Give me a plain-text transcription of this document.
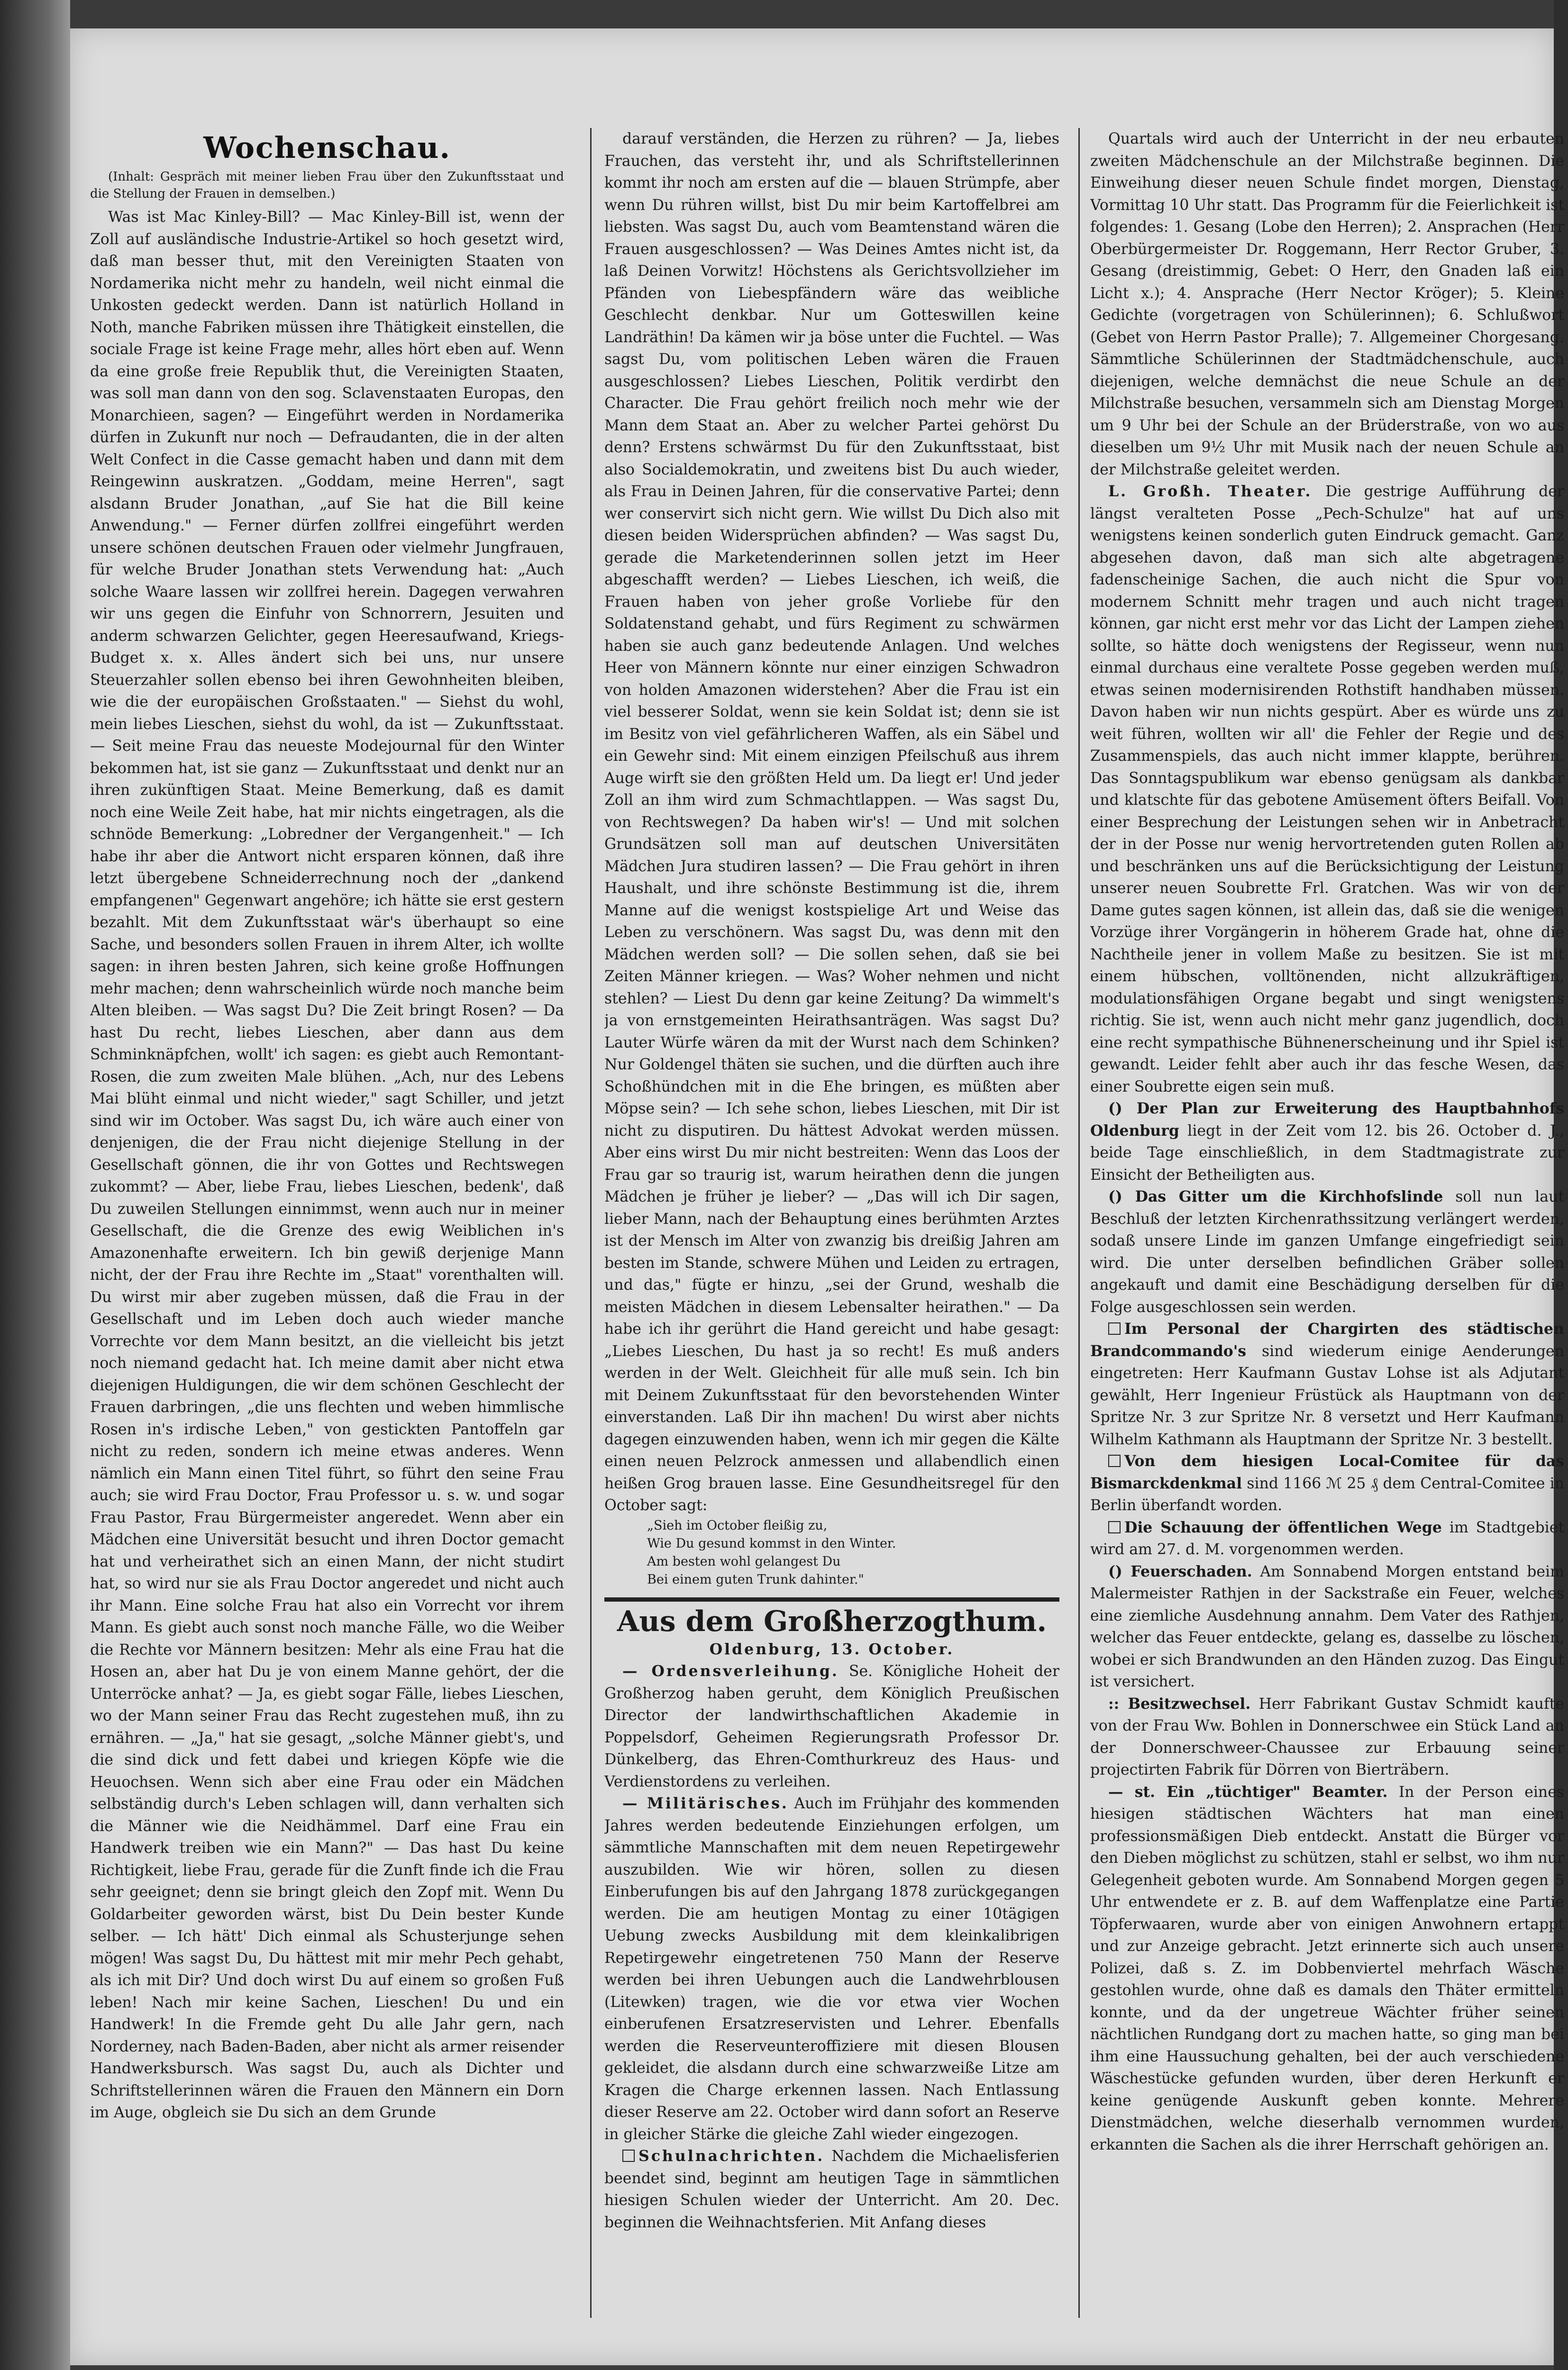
Wochenschau.

(Inhalt: Gespräch mit meiner lieben Frau über den Zukunftsstaat und die Stellung der Frauen in demselben.)

Was ist Mac Kinley-Bill? — Mac Kinley-Bill ist, wenn der Zoll auf ausländische Industrie-Artikel so hoch gesetzt wird, daß man besser thut, mit den Vereinigten Staaten von Nordamerika nicht mehr zu handeln, weil nicht einmal die Unkosten gedeckt werden. Dann ist natürlich Holland in Noth, manche Fabriken müssen ihre Thätigkeit einstellen, die sociale Frage ist keine Frage mehr, alles hört eben auf. Wenn da eine große freie Republik thut, die Vereinigten Staaten, was soll man dann von den sog. Sclavenstaaten Europas, den Monarchieen, sagen? — Eingeführt werden in Nordamerika dürfen in Zukunft nur noch — Defraudanten, die in der alten Welt Confect in die Casse gemacht haben und dann mit dem Reingewinn auskratzen. „Goddam, meine Herren", sagt alsdann Bruder Jonathan, „auf Sie hat die Bill keine Anwendung." — Ferner dürfen zollfrei eingeführt werden unsere schönen deutschen Frauen oder vielmehr Jungfrauen, für welche Bruder Jonathan stets Verwendung hat: „Auch solche Waare lassen wir zollfrei herein. Dagegen verwahren wir uns gegen die Einfuhr von Schnorrern, Jesuiten und anderm schwarzen Gelichter, gegen Heeresaufwand, Kriegs-Budget x. x. Alles ändert sich bei uns, nur unsere Steuerzahler sollen ebenso bei ihren Gewohnheiten bleiben, wie die der europäischen Großstaaten." — Siehst du wohl, mein liebes Lieschen, siehst du wohl, da ist — Zukunftsstaat. — Seit meine Frau das neueste Modejournal für den Winter bekommen hat, ist sie ganz — Zukunftsstaat und denkt nur an ihren zukünftigen Staat. Meine Bemerkung, daß es damit noch eine Weile Zeit habe, hat mir nichts eingetragen, als die schnöde Bemerkung: „Lobredner der Vergangenheit." — Ich habe ihr aber die Antwort nicht ersparen können, daß ihre letzt übergebene Schneiderrechnung noch der „dankend empfangenen" Gegenwart angehöre; ich hätte sie erst gestern bezahlt. Mit dem Zukunftsstaat wär's überhaupt so eine Sache, und besonders sollen Frauen in ihrem Alter, ich wollte sagen: in ihren besten Jahren, sich keine große Hoffnungen mehr machen; denn wahrscheinlich würde noch manche beim Alten bleiben. — Was sagst Du? Die Zeit bringt Rosen? — Da hast Du recht, liebes Lieschen, aber dann aus dem Schminknäpfchen, wollt' ich sagen: es giebt auch Remontant-Rosen, die zum zweiten Male blühen. „Ach, nur des Lebens Mai blüht einmal und nicht wieder," sagt Schiller, und jetzt sind wir im October. Was sagst Du, ich wäre auch einer von denjenigen, die der Frau nicht diejenige Stellung in der Gesellschaft gönnen, die ihr von Gottes und Rechtswegen zukommt? — Aber, liebe Frau, liebes Lieschen, bedenk', daß Du zuweilen Stellungen einnimmst, wenn auch nur in meiner Gesellschaft, die die Grenze des ewig Weiblichen in's Amazonenhafte erweitern. Ich bin gewiß derjenige Mann nicht, der der Frau ihre Rechte im „Staat" vorenthalten will. Du wirst mir aber zugeben müssen, daß die Frau in der Gesellschaft und im Leben doch auch wieder manche Vorrechte vor dem Mann besitzt, an die vielleicht bis jetzt noch niemand gedacht hat. Ich meine damit aber nicht etwa diejenigen Huldigungen, die wir dem schönen Geschlecht der Frauen darbringen, „die uns flechten und weben himmlische Rosen in's irdische Leben," von gestickten Pantoffeln gar nicht zu reden, sondern ich meine etwas anderes. Wenn nämlich ein Mann einen Titel führt, so führt den seine Frau auch; sie wird Frau Doctor, Frau Professor u. s. w. und sogar Frau Pastor, Frau Bürgermeister angeredet. Wenn aber ein Mädchen eine Universität besucht und ihren Doctor gemacht hat und verheirathet sich an einen Mann, der nicht studirt hat, so wird nur sie als Frau Doctor angeredet und nicht auch ihr Mann. Eine solche Frau hat also ein Vorrecht vor ihrem Mann. Es giebt auch sonst noch manche Fälle, wo die Weiber die Rechte vor Männern besitzen: Mehr als eine Frau hat die Hosen an, aber hat Du je von einem Manne gehört, der die Unterröcke anhat? — Ja, es giebt sogar Fälle, liebes Lieschen, wo der Mann seiner Frau das Recht zugestehen muß, ihn zu ernähren. — „Ja," hat sie gesagt, „solche Männer giebt's, und die sind dick und fett dabei und kriegen Köpfe wie die Heuochsen. Wenn sich aber eine Frau oder ein Mädchen selbständig durch's Leben schlagen will, dann verhalten sich die Männer wie die Neidhämmel. Darf eine Frau ein Handwerk treiben wie ein Mann?" — Das hast Du keine Richtigkeit, liebe Frau, gerade für die Zunft finde ich die Frau sehr geeignet; denn sie bringt gleich den Zopf mit. Wenn Du Goldarbeiter geworden wärst, bist Du Dein bester Kunde selber. — Ich hätt' Dich einmal als Schusterjunge sehen mögen! Was sagst Du, Du hättest mit mir mehr Pech gehabt, als ich mit Dir? Und doch wirst Du auf einem so großen Fuß leben! Nach mir keine Sachen, Lieschen! Du und ein Handwerk! In die Fremde geht Du alle Jahr gern, nach Norderney, nach Baden-Baden, aber nicht als armer reisender Handwerksbursch. Was sagst Du, auch als Dichter und Schriftstellerinnen wären die Frauen den Männern ein Dorn im Auge, obgleich sie Du sich an dem Grunde

darauf verständen, die Herzen zu rühren? — Ja, liebes Frauchen, das versteht ihr, und als Schriftstellerinnen kommt ihr noch am ersten auf die — blauen Strümpfe, aber wenn Du rühren willst, bist Du mir beim Kartoffelbrei am liebsten. Was sagst Du, auch vom Beamtenstand wären die Frauen ausgeschlossen? — Was Deines Amtes nicht ist, da laß Deinen Vorwitz! Höchstens als Gerichtsvollzieher im Pfänden von Liebespfändern wäre das weibliche Geschlecht denkbar. Nur um Gotteswillen keine Landräthin! Da kämen wir ja böse unter die Fuchtel. — Was sagst Du, vom politischen Leben wären die Frauen ausgeschlossen? Liebes Lieschen, Politik verdirbt den Character. Die Frau gehört freilich noch mehr wie der Mann dem Staat an. Aber zu welcher Partei gehörst Du denn? Erstens schwärmst Du für den Zukunftsstaat, bist also Socialdemokratin, und zweitens bist Du auch wieder, als Frau in Deinen Jahren, für die conservative Partei; denn wer conservirt sich nicht gern. Wie willst Du Dich also mit diesen beiden Widersprüchen abfinden? — Was sagst Du, gerade die Marketenderinnen sollen jetzt im Heer abgeschafft werden? — Liebes Lieschen, ich weiß, die Frauen haben von jeher große Vorliebe für den Soldatenstand gehabt, und fürs Regiment zu schwärmen haben sie auch ganz bedeutende Anlagen. Und welches Heer von Männern könnte nur einer einzigen Schwadron von holden Amazonen widerstehen? Aber die Frau ist ein viel besserer Soldat, wenn sie kein Soldat ist; denn sie ist im Besitz von viel gefährlicheren Waffen, als ein Säbel und ein Gewehr sind: Mit einem einzigen Pfeilschuß aus ihrem Auge wirft sie den größten Held um. Da liegt er! Und jeder Zoll an ihm wird zum Schmachtlappen. — Was sagst Du, von Rechtswegen? Da haben wir's! — Und mit solchen Grundsätzen soll man auf deutschen Universitäten Mädchen Jura studiren lassen? — Die Frau gehört in ihren Haushalt, und ihre schönste Bestimmung ist die, ihrem Manne auf die wenigst kostspielige Art und Weise das Leben zu verschönern. Was sagst Du, was denn mit den Mädchen werden soll? — Die sollen sehen, daß sie bei Zeiten Männer kriegen. — Was? Woher nehmen und nicht stehlen? — Liest Du denn gar keine Zeitung? Da wimmelt's ja von ernstgemeinten Heirathsanträgen. Was sagst Du? Lauter Würfe wären da mit der Wurst nach dem Schinken? Nur Goldengel thäten sie suchen, und die dürften auch ihre Schoßhündchen mit in die Ehe bringen, es müßten aber Möpse sein? — Ich sehe schon, liebes Lieschen, mit Dir ist nicht zu disputiren. Du hättest Advokat werden müssen. Aber eins wirst Du mir nicht bestreiten: Wenn das Loos der Frau gar so traurig ist, warum heirathen denn die jungen Mädchen je früher je lieber? — „Das will ich Dir sagen, lieber Mann, nach der Behauptung eines berühmten Arztes ist der Mensch im Alter von zwanzig bis dreißig Jahren am besten im Stande, schwere Mühen und Leiden zu ertragen, und das," fügte er hinzu, „sei der Grund, weshalb die meisten Mädchen in diesem Lebensalter heirathen." — Da habe ich ihr gerührt die Hand gereicht und habe gesagt: „Liebes Lieschen, Du hast ja so recht! Es muß anders werden in der Welt. Gleichheit für alle muß sein. Ich bin mit Deinem Zukunftsstaat für den bevorstehenden Winter einverstanden. Laß Dir ihn machen! Du wirst aber nichts dagegen einzuwenden haben, wenn ich mir gegen die Kälte einen neuen Pelzrock anmessen und allabendlich einen heißen Grog brauen lasse. Eine Gesundheitsregel für den October sagt:

„Sieh im October fleißig zu,
Wie Du gesund kommst in den Winter.
Am besten wohl gelangest Du
Bei einem guten Trunk dahinter."

Aus dem Großherzogthum.

Oldenburg, 13. October.

— Ordensverleihung. Se. Königliche Hoheit der Großherzog haben geruht, dem Königlich Preußischen Director der landwirthschaftlichen Akademie in Poppelsdorf, Geheimen Regierungsrath Professor Dr. Dünkelberg, das Ehren-Comthurkreuz des Haus- und Verdienstordens zu verleihen.

— Militärisches. Auch im Frühjahr des kommenden Jahres werden bedeutende Einziehungen erfolgen, um sämmtliche Mannschaften mit dem neuen Repetirgewehr auszubilden. Wie wir hören, sollen zu diesen Einberufungen bis auf den Jahrgang 1878 zurückgegangen werden. Die am heutigen Montag zu einer 10tägigen Uebung zwecks Ausbildung mit dem kleinkalibrigen Repetirgewehr eingetretenen 750 Mann der Reserve werden bei ihren Uebungen auch die Landwehrblousen (Litewken) tragen, wie die vor etwa vier Wochen einberufenen Ersatzreservisten und Lehrer. Ebenfalls werden die Reserveunteroffiziere mit diesen Blousen gekleidet, die alsdann durch eine schwarzweiße Litze am Kragen die Charge erkennen lassen. Nach Entlassung dieser Reserve am 22. October wird dann sofort an Reserve in gleicher Stärke die gleiche Zahl wieder eingezogen.

Schulnachrichten. Nachdem die Michaelisferien beendet sind, beginnt am heutigen Tage in sämmtlichen hiesigen Schulen wieder der Unterricht. Am 20. Dec. beginnen die Weihnachtsferien. Mit Anfang dieses

Quartals wird auch der Unterricht in der neu erbauten zweiten Mädchenschule an der Milchstraße beginnen. Die Einweihung dieser neuen Schule findet morgen, Dienstag, Vormittag 10 Uhr statt. Das Programm für die Feierlichkeit ist folgendes: 1. Gesang (Lobe den Herren); 2. Ansprachen (Herr Oberbürgermeister Dr. Roggemann, Herr Rector Gruber, 3. Gesang (dreistimmig, Gebet: O Herr, den Gnaden laß ein Licht x.); 4. Ansprache (Herr Nector Kröger); 5. Kleine Gedichte (vorgetragen von Schülerinnen); 6. Schlußwort (Gebet von Herrn Pastor Pralle); 7. Allgemeiner Chorgesang. Sämmtliche Schülerinnen der Stadtmädchenschule, auch diejenigen, welche demnächst die neue Schule an der Milchstraße besuchen, versammeln sich am Dienstag Morgen um 9 Uhr bei der Schule an der Brüderstraße, von wo aus dieselben um 9½ Uhr mit Musik nach der neuen Schule an der Milchstraße geleitet werden.

L. Großh. Theater. Die gestrige Aufführung der längst veralteten Posse „Pech-Schulze" hat auf uns wenigstens keinen sonderlich guten Eindruck gemacht. Ganz abgesehen davon, daß man sich alte abgetragene fadenscheinige Sachen, die auch nicht die Spur von modernem Schnitt mehr tragen und auch nicht tragen können, gar nicht erst mehr vor das Licht der Lampen ziehen sollte, so hätte doch wenigstens der Regisseur, wenn nun einmal durchaus eine veraltete Posse gegeben werden muß, etwas seinen modernisirenden Rothstift handhaben müssen. Davon haben wir nun nichts gespürt. Aber es würde uns zu weit führen, wollten wir all' die Fehler der Regie und des Zusammenspiels, das auch nicht immer klappte, berühren. Das Sonntagspublikum war ebenso genügsam als dankbar und klatschte für das gebotene Amüsement öfters Beifall. Von einer Besprechung der Leistungen sehen wir in Anbetracht der in der Posse nur wenig hervortretenden guten Rollen ab und beschränken uns auf die Berücksichtigung der Leistung unserer neuen Soubrette Frl. Gratchen. Was wir von der Dame gutes sagen können, ist allein das, daß sie die wenigen Vorzüge ihrer Vorgängerin in höherem Grade hat, ohne die Nachtheile jener in vollem Maße zu besitzen. Sie ist mit einem hübschen, volltönenden, nicht allzukräftigen, modulationsfähigen Organe begabt und singt wenigstens richtig. Sie ist, wenn auch nicht mehr ganz jugendlich, doch eine recht sympathische Bühnenerscheinung und ihr Spiel ist gewandt. Leider fehlt aber auch ihr das fesche Wesen, das einer Soubrette eigen sein muß.

() Der Plan zur Erweiterung des Hauptbahnhofs Oldenburg liegt in der Zeit vom 12. bis 26. October d. J., beide Tage einschließlich, in dem Stadtmagistrate zur Einsicht der Betheiligten aus.

() Das Gitter um die Kirchhofslinde soll nun laut Beschluß der letzten Kirchenrathssitzung verlängert werden, sodaß unsere Linde im ganzen Umfange eingefriedigt sein wird. Die unter derselben befindlichen Gräber sollen angekauft und damit eine Beschädigung derselben für die Folge ausgeschlossen sein werden.

Im Personal der Chargirten des städtischen Brandcommando's sind wiederum einige Aenderungen eingetreten: Herr Kaufmann Gustav Lohse ist als Adjutant gewählt, Herr Ingenieur Früstück als Hauptmann von der Spritze Nr. 3 zur Spritze Nr. 8 versetzt und Herr Kaufmann Wilhelm Kathmann als Hauptmann der Spritze Nr. 3 bestellt.

Von dem hiesigen Local-Comitee für das Bismarckdenkmal sind 1166 ℳ 25 ₰ dem Central-Comitee in Berlin überfandt worden.

Die Schauung der öffentlichen Wege im Stadtgebiet wird am 27. d. M. vorgenommen werden.

() Feuerschaden. Am Sonnabend Morgen entstand beim Malermeister Rathjen in der Sackstraße ein Feuer, welches eine ziemliche Ausdehnung annahm. Dem Vater des Rathjen, welcher das Feuer entdeckte, gelang es, dasselbe zu löschen, wobei er sich Brandwunden an den Händen zuzog. Das Eingut ist versichert.

:: Besitzwechsel. Herr Fabrikant Gustav Schmidt kaufte von der Frau Ww. Bohlen in Donnerschwee ein Stück Land an der Donnerschweer-Chaussee zur Erbauung seiner projectirten Fabrik für Dörren von Bierträbern.

— st. Ein „tüchtiger" Beamter. In der Person eines hiesigen städtischen Wächters hat man einen professionsmäßigen Dieb entdeckt. Anstatt die Bürger vor den Dieben möglichst zu schützen, stahl er selbst, wo ihm nur Gelegenheit geboten wurde. Am Sonnabend Morgen gegen 5 Uhr entwendete er z. B. auf dem Waffenplatze eine Partie Töpferwaaren, wurde aber von einigen Anwohnern ertappt und zur Anzeige gebracht. Jetzt erinnerte sich auch unsere Polizei, daß s. Z. im Dobbenviertel mehrfach Wäsche gestohlen wurde, ohne daß es damals den Thäter ermitteln konnte, und da der ungetreue Wächter früher seinen nächtlichen Rundgang dort zu machen hatte, so ging man bei ihm eine Haussuchung gehalten, bei der auch verschiedene Wäschestücke gefunden wurden, über deren Herkunft er keine genügende Auskunft geben konnte. Mehrere Dienstmädchen, welche dieserhalb vernommen wurden, erkannten die Sachen als die ihrer Herrschaft gehörigen an.
